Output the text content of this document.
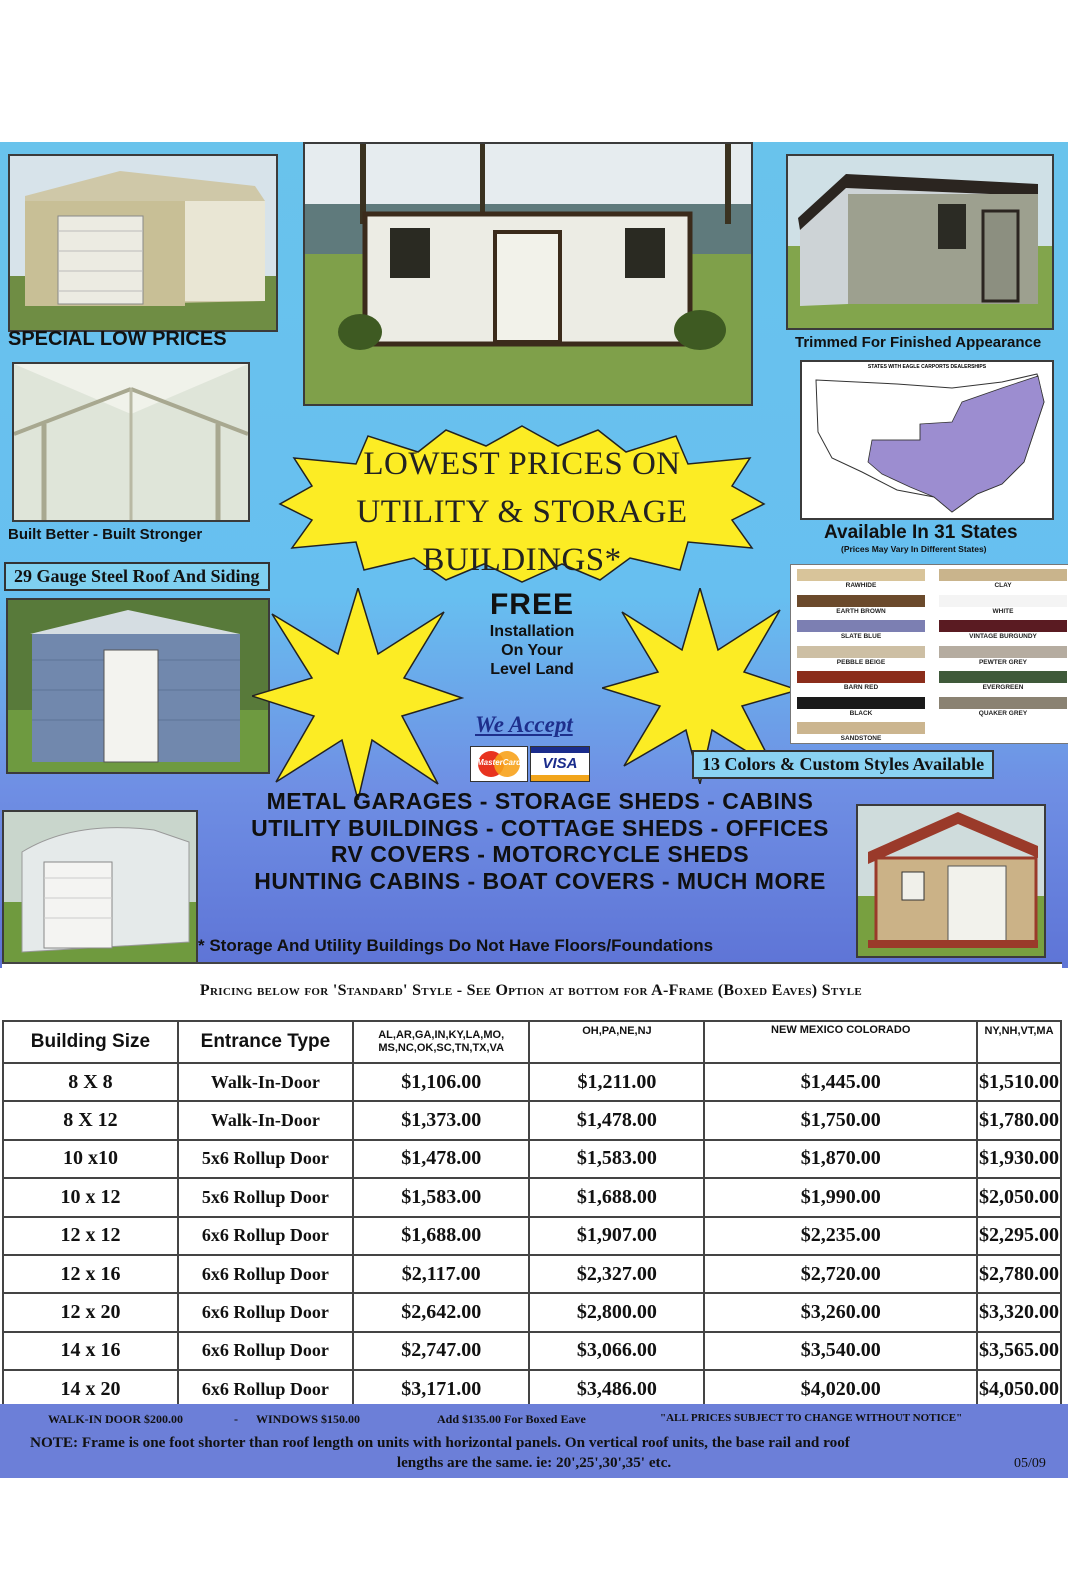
SPECIAL LOW PRICES	Trimmed For Finished Appearance
Built Better - Built Stronger
STATES WITH EAGLE CARPORTS DEALERSHIPS
Available In 31 States
(Prices May Vary In Different States)
LOWEST PRICES ON
UTILITY & STORAGE
BUILDINGS*
29 Gauge Steel Roof And Siding
FREE
Installation
On Your
Level Land
We Accept
MasterCard	VISA
RAWHIDE	CLAY
EARTH BROWN	WHITE
SLATE BLUE	VINTAGE BURGUNDY
PEBBLE BEIGE	PEWTER GREY
BARN RED	EVERGREEN
BLACK	QUAKER GREY
SANDSTONE
13 Colors & Custom Styles Available
METAL GARAGES - STORAGE SHEDS - CABINS
UTILITY BUILDINGS - COTTAGE SHEDS - OFFICES
RV COVERS - MOTORCYCLE SHEDS
HUNTING CABINS - BOAT COVERS - MUCH MORE
* Storage And Utility Buildings Do Not Have Floors/Foundations
Pricing below for 'Standard' Style - See Option at bottom for A-Frame (Boxed Eaves) Style
Building Size	Entrance Type	AL,AR,GA,IN,KY,LA,MO, MS,NC,OK,SC,TN,TX,VA	OH,PA,NE,NJ	NEW MEXICO COLORADO	NY,NH,VT,MA
8 X 8	Walk-In-Door	$1,106.00	$1,211.00	$1,445.00	$1,510.00
8 X 12	Walk-In-Door	$1,373.00	$1,478.00	$1,750.00	$1,780.00
10 x10	5x6 Rollup Door	$1,478.00	$1,583.00	$1,870.00	$1,930.00
10 x 12	5x6 Rollup Door	$1,583.00	$1,688.00	$1,990.00	$2,050.00
12 x 12	6x6 Rollup Door	$1,688.00	$1,907.00	$2,235.00	$2,295.00
12 x 16	6x6 Rollup Door	$2,117.00	$2,327.00	$2,720.00	$2,780.00
12 x 20	6x6 Rollup Door	$2,642.00	$2,800.00	$3,260.00	$3,320.00
14 x 16	6x6 Rollup Door	$2,747.00	$3,066.00	$3,540.00	$3,565.00
14 x 20	6x6 Rollup Door	$3,171.00	$3,486.00	$4,020.00	$4,050.00
WALK-IN DOOR $200.00	- WINDOWS $150.00	Add $135.00 For Boxed Eave	"ALL PRICES SUBJECT TO CHANGE WITHOUT NOTICE"
NOTE: Frame is one foot shorter than roof length on units with horizontal panels. On vertical roof units, the base rail and roof
lengths are the same. ie: 20',25',30',35' etc.	05/09
